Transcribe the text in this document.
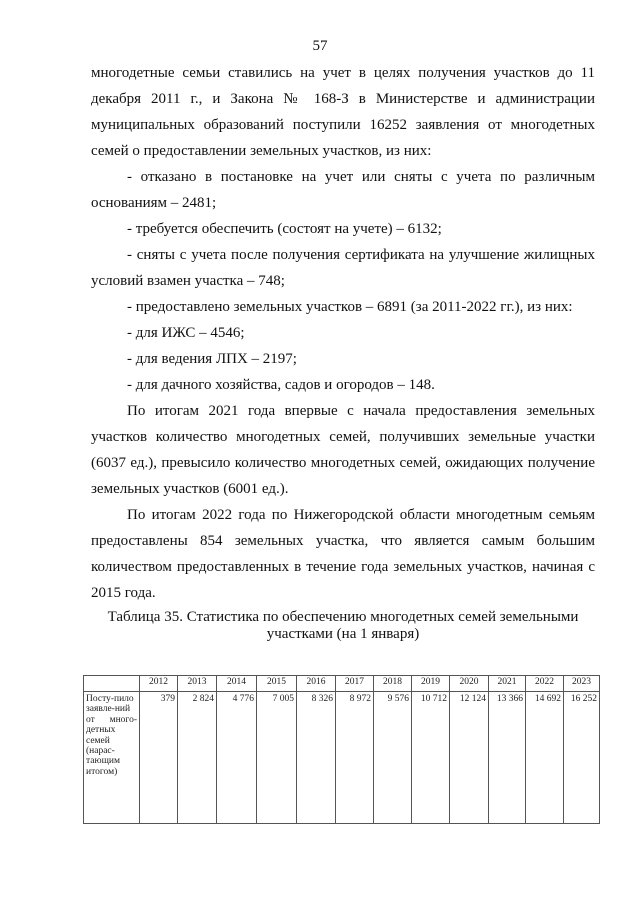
57

многодетные семьи ставились на учет в целях получения участков до 11 декабря 2011 г., и Закона № 168-З в Министерстве и администрации муниципальных образований поступили 16252 заявления от многодетных семей о предоставлении земельных участков, из них:

- отказано в постановке на учет или сняты с учета по различным основаниям – 2481;

- требуется обеспечить (состоят на учете) – 6132;

- сняты с учета после получения сертификата на улучшение жилищных условий взамен участка – 748;

- предоставлено земельных участков – 6891 (за 2011-2022 гг.), из них:

- для ИЖС – 4546;

- для ведения ЛПХ – 2197;

- для дачного хозяйства, садов и огородов – 148.

По итогам 2021 года впервые с начала предоставления земельных участков количество многодетных семей, получивших земельные участки (6037 ед.), превысило количество многодетных семей, ожидающих получение земельных участков (6001 ед.).

По итогам 2022 года по Нижегородской области многодетным семьям предоставлены 854 земельных участка, что является самым большим количеством предоставленных в течение года земельных участков, начиная с 2015 года.

Таблица 35. Статистика по обеспечению многодетных семей земельными участками (на 1 января)
	2012	2013	2014	2015	2016	2017	2018	2019	2020	2021	2022	2023
Посту-пило заявле-ний от много-детных семей (нарас-тающим итогом)	379	2 824	4 776	7 005	8 326	8 972	9 576	10 712	12 124	13 366	14 692	16 252
